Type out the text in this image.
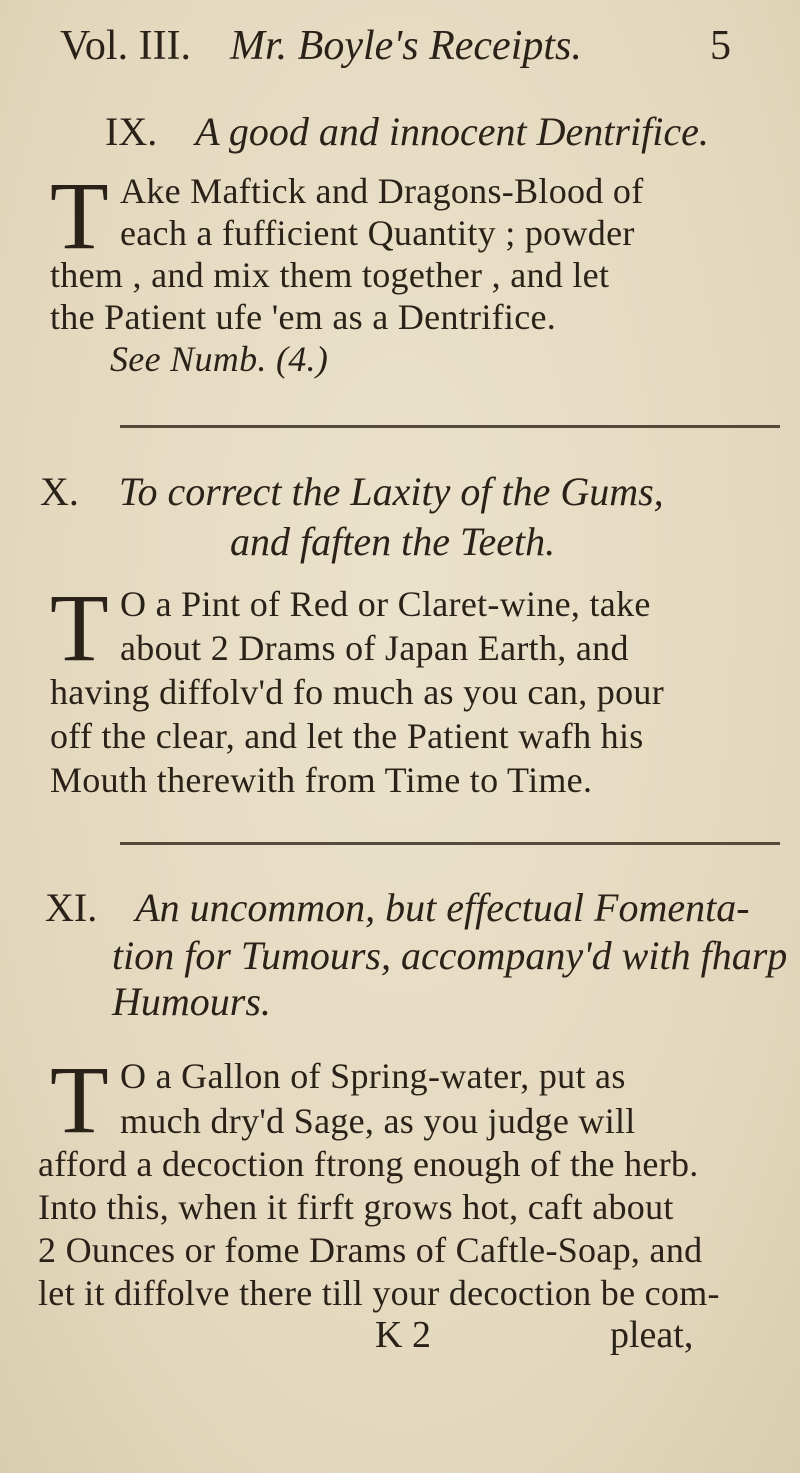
Vol. III. Mr. Boyle's Receipts.	5
IX. A good and innocent Dentrifice.
T Ake Maftick and Dragons-Blood of
each a fufficient Quantity ; powder
them , and mix them together , and let
the Patient ufe 'em as a Dentrifice.
See Numb. (4.)
X. To correct the Laxity of the Gums,
and faften the Teeth.
T O a Pint of Red or Claret-wine, take
about 2 Drams of Japan Earth, and
having diffolv'd fo much as you can, pour
off the clear, and let the Patient wafh his
Mouth therewith from Time to Time.
XI. An uncommon, but effectual Fomenta-
tion for Tumours, accompany'd with fharp
Humours.
T O a Gallon of Spring-water, put as
much dry'd Sage, as you judge will
afford a decoction ftrong enough of the herb.
Into this, when it firft grows hot, caft about
2 Ounces or fome Drams of Caftle-Soap, and
let it diffolve there till your decoction be com-
K 2	pleat,
